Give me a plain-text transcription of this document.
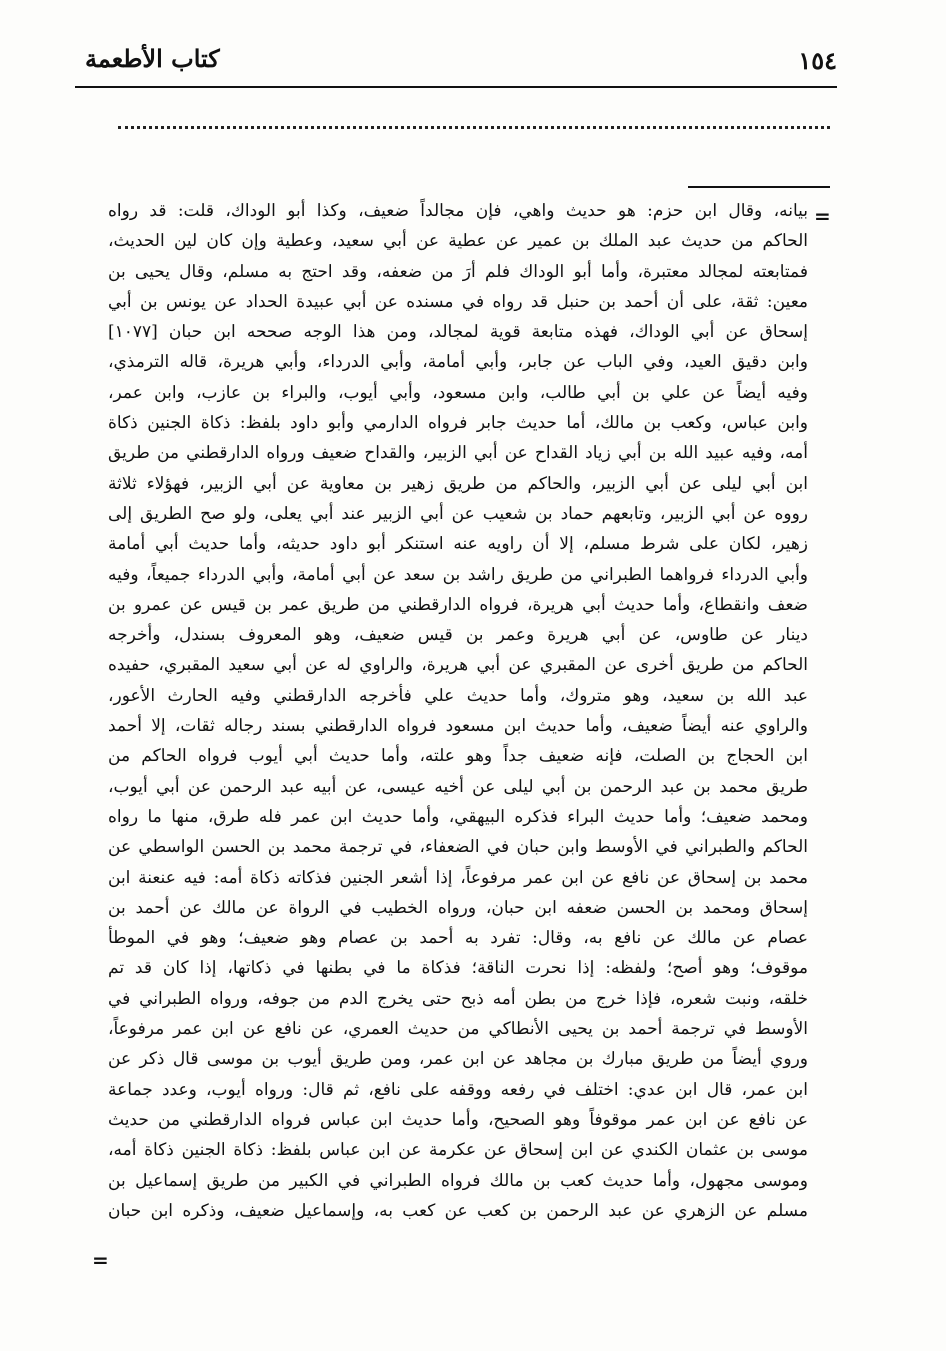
كتاب الأطعمة	١٥٤
=
بيانه، وقال ابن حزم: هو حديث واهي، فإن مجالداً ضعيف، وكذا أبو الوداك، قلت: قد رواه
الحاكم من حديث عبد الملك بن عمير عن عطية عن أبي سعيد، وعطية وإن كان لين الحديث،
فمتابعته لمجالد معتبرة، وأما أبو الوداك فلم أرَ من ضعفه، وقد احتج به مسلم، وقال يحيى بن
معين: ثقة، على أن أحمد بن حنبل قد رواه في مسنده عن أبي عبيدة الحداد عن يونس بن أبي
إسحاق عن أبي الوداك، فهذه متابعة قوية لمجالد، ومن هذا الوجه صححه ابن حبان [١٠٧٧]
وابن دقيق العيد، وفي الباب عن جابر، وأبي أمامة، وأبي الدرداء، وأبي هريرة، قاله الترمذي،
وفيه أيضاً عن علي بن أبي طالب، وابن مسعود، وأبي أيوب، والبراء بن عازب، وابن عمر،
وابن عباس، وكعب بن مالك، أما حديث جابر فرواه الدارمي وأبو داود بلفظ: ذكاة الجنين ذكاة
أمه، وفيه عبيد الله بن أبي زياد القداح عن أبي الزبير، والقداح ضعيف ورواه الدارقطني من طريق
ابن أبي ليلى عن أبي الزبير، والحاكم من طريق زهير بن معاوية عن أبي الزبير، فهؤلاء ثلاثة
رووه عن أبي الزبير، وتابعهم حماد بن شعيب عن أبي الزبير عند أبي يعلى، ولو صح الطريق إلى
زهير، لكان على شرط مسلم، إلا أن راويه عنه استنكر أبو داود حديثه، وأما حديث أبي أمامة
وأبي الدرداء فرواهما الطبراني من طريق راشد بن سعد عن أبي أمامة، وأبي الدرداء جميعاً، وفيه
ضعف وانقطاع، وأما حديث أبي هريرة، فرواه الدارقطني من طريق عمر بن قيس عن عمرو بن
دينار عن طاوس، عن أبي هريرة وعمر بن قيس ضعيف، وهو المعروف بسندل، وأخرجه
الحاكم من طريق أخرى عن المقبري عن أبي هريرة، والراوي له عن أبي سعيد المقبري، حفيده
عبد الله بن سعيد، وهو متروك، وأما حديث علي فأخرجه الدارقطني وفيه الحارث الأعور،
والراوي عنه أيضاً ضعيف، وأما حديث ابن مسعود فرواه الدارقطني بسند رجاله ثقات، إلا أحمد
ابن الحجاج بن الصلت، فإنه ضعيف جداً وهو علته، وأما حديث أبي أيوب فرواه الحاكم من
طريق محمد بن عبد الرحمن بن أبي ليلى عن أخيه عيسى، عن أبيه عبد الرحمن عن أبي أيوب،
ومحمد ضعيف؛ وأما حديث البراء فذكره البيهقي، وأما حديث ابن عمر فله طرق، منها ما رواه
الحاكم والطبراني في الأوسط وابن حبان في الضعفاء، في ترجمة محمد بن الحسن الواسطي عن
محمد بن إسحاق عن نافع عن ابن عمر مرفوعاً، إذا أشعر الجنين فذكاته ذكاة أمه: فيه عنعنة ابن
إسحاق ومحمد بن الحسن ضعفه ابن حبان، ورواه الخطيب في الرواة عن مالك عن أحمد بن
عصام عن مالك عن نافع به، وقال: تفرد به أحمد بن عصام وهو ضعيف؛ وهو في الموطأ
موقوف؛ وهو أصح؛ ولفظه: إذا نحرت الناقة؛ فذكاة ما في بطنها في ذكاتها، إذا كان قد تم
خلقه، ونبت شعره، فإذا خرج من بطن أمه ذبح حتى يخرج الدم من جوفه، ورواه الطبراني في
الأوسط في ترجمة أحمد بن يحيى الأنطاكي من حديث العمري، عن نافع عن ابن عمر مرفوعاً،
وروي أيضاً من طريق مبارك بن مجاهد عن ابن عمر، ومن طريق أيوب بن موسى قال ذكر عن
ابن عمر، قال ابن عدي: اختلف في رفعه ووقفه على نافع، ثم قال: ورواه أيوب، وعدد جماعة
عن نافع عن ابن عمر موقوفاً وهو الصحيح، وأما حديث ابن عباس فرواه الدارقطني من حديث
موسى بن عثمان الكندي عن ابن إسحاق عن عكرمة عن ابن عباس بلفظ: ذكاة الجنين ذكاة أمه،
وموسى مجهول، وأما حديث كعب بن مالك فرواه الطبراني في الكبير من طريق إسماعيل بن
مسلم عن الزهري عن عبد الرحمن بن كعب عن كعب به، وإسماعيل ضعيف، وذكره ابن حبان
=
